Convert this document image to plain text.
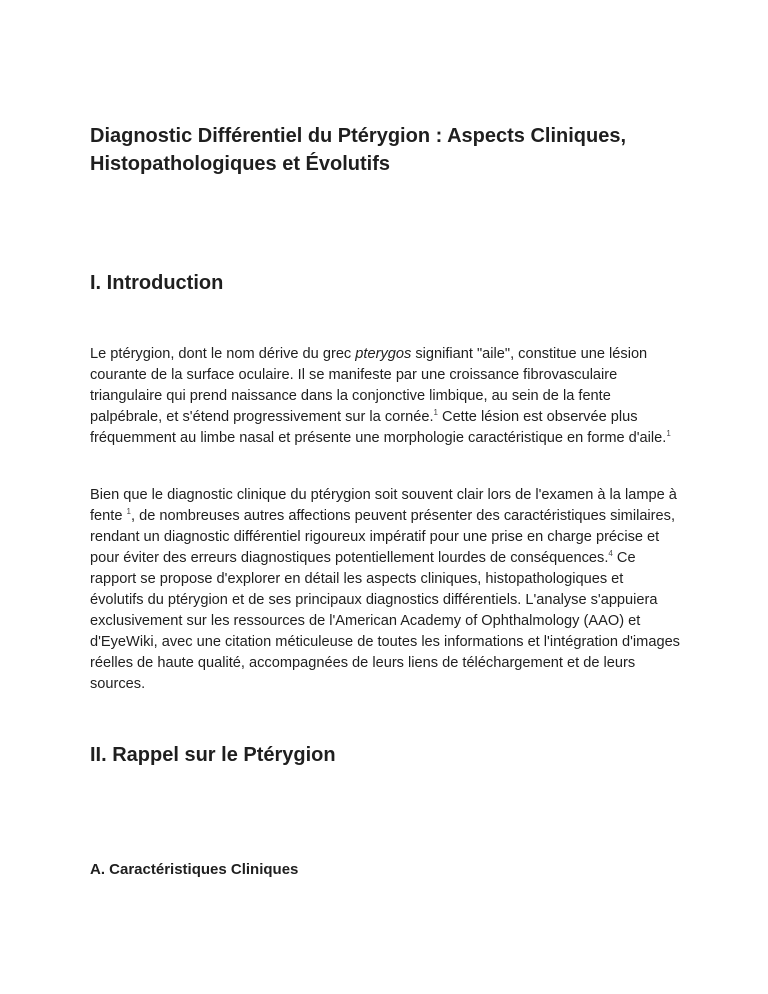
Diagnostic Différentiel du Ptérygion : Aspects Cliniques, Histopathologiques et Évolutifs
I. Introduction

Le ptérygion, dont le nom dérive du grec pterygos signifiant "aile", constitue une lésion courante de la surface oculaire. Il se manifeste par une croissance fibrovasculaire triangulaire qui prend naissance dans la conjonctive limbique, au sein de la fente palpébrale, et s'étend progressivement sur la cornée.$^1$ Cette lésion est observée plus fréquemment au limbe nasal et présente une morphologie caractéristique en forme d'aile.$^1$

Bien que le diagnostic clinique du ptérygion soit souvent clair lors de l'examen à la lampe à fente $^1$, de nombreuses autres affections peuvent présenter des caractéristiques similaires, rendant un diagnostic différentiel rigoureux impératif pour une prise en charge précise et pour éviter des erreurs diagnostiques potentiellement lourdes de conséquences.$^4$ Ce rapport se propose d'explorer en détail les aspects cliniques, histopathologiques et évolutifs du ptérygion et de ses principaux diagnostics différentiels. L'analyse s'appuiera exclusivement sur les ressources de l'American Academy of Ophthalmology (AAO) et d'EyeWiki, avec une citation méticuleuse de toutes les informations et l'intégration d'images réelles de haute qualité, accompagnées de leurs liens de téléchargement et de leurs sources.

II. Rappel sur le Ptérygion
A. Caractéristiques Cliniques
